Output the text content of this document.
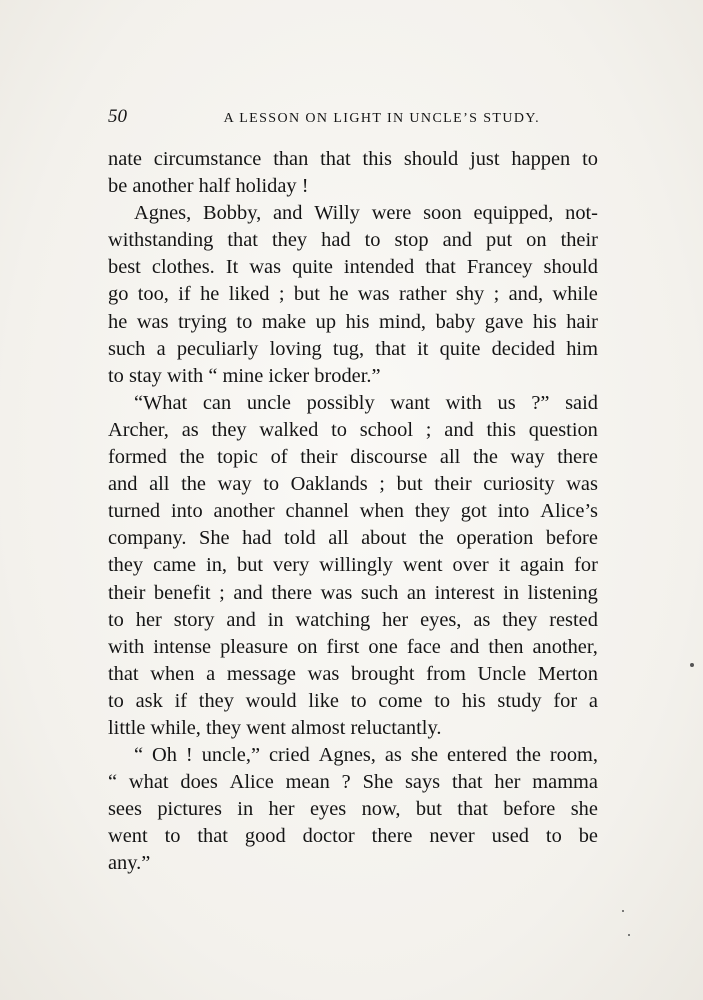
50	A LESSON ON LIGHT IN UNCLE’S STUDY.
nate circumstance than that this should just happen to
be
another
half
holiday
!
Agnes, Bobby, and Willy were soon equipped, not-
withstanding that they had to stop and put on their
best clothes. It was quite intended that Francey should
go too, if he liked ; but he was rather shy ; and, while
he was trying to make up his mind, baby gave his hair
such a peculiarly loving tug, that it quite decided him
to
stay
with
“
mine
icker
broder.”
“What can uncle possibly want with us ?” said
Archer, as they walked to school ; and this question
formed the topic of their discourse all the way there
and all the way to Oaklands ; but their curiosity was
turned into another channel when they got into Alice’s
company. She had told all about the operation before
they came in, but very willingly went over it again for
their benefit ; and there was such an interest in listening
to her story and in watching her eyes, as they rested
with intense pleasure on first one face and then another,
that when a message was brought from Uncle Merton
to ask if they would like to come to his study for a
little
while,
they
went
almost
reluctantly.
“ Oh ! uncle,” cried Agnes, as she entered the room,
“ what does Alice mean ? She says that her mamma
sees pictures in her eyes now, but that before she
went to that good doctor there never used to be
any.”
